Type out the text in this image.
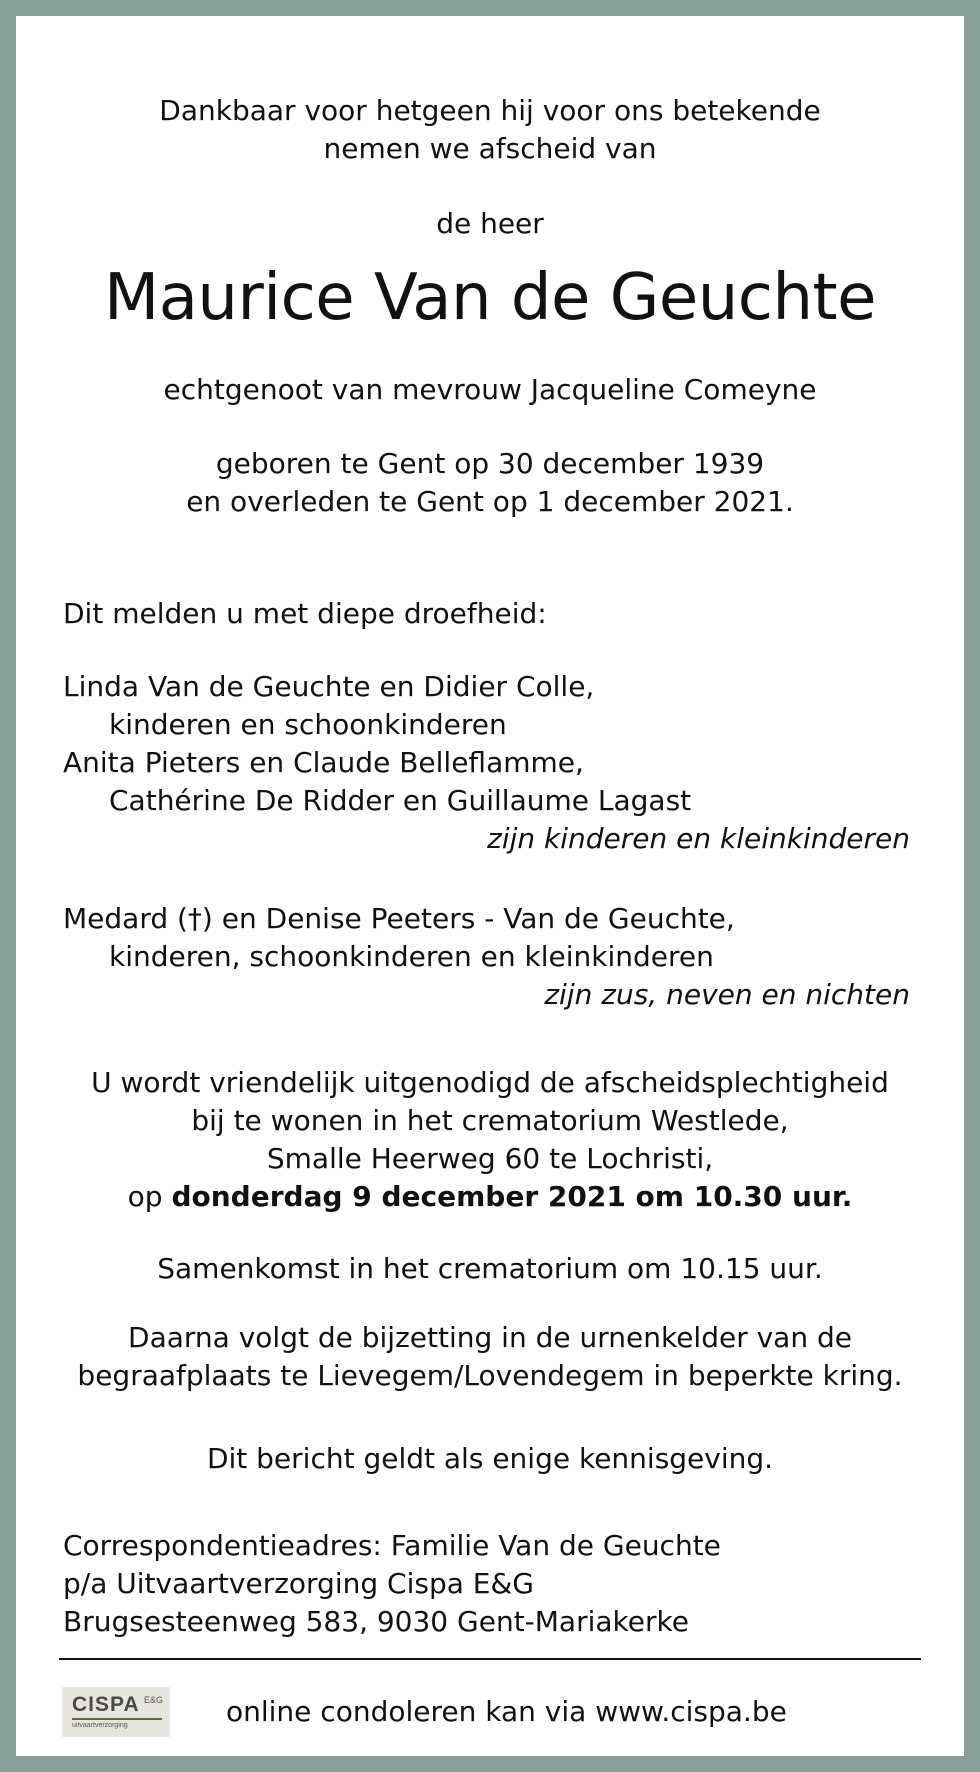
Dankbaar voor hetgeen hij voor ons betekende
nemen we afscheid van
de heer
Maurice Van de Geuchte
echtgenoot van mevrouw Jacqueline Comeyne
geboren te Gent op 30 december 1939
en overleden te Gent op 1 december 2021.
Dit melden u met diepe droefheid:
Linda Van de Geuchte en Didier Colle,
kinderen en schoonkinderen
Anita Pieters en Claude Belleflamme,
Cathérine De Ridder en Guillaume Lagast
zijn kinderen en kleinkinderen
Medard (†) en Denise Peeters - Van de Geuchte,
kinderen, schoonkinderen en kleinkinderen
zijn zus, neven en nichten
U wordt vriendelijk uitgenodigd de afscheidsplechtigheid
bij te wonen in het crematorium Westlede,
Smalle Heerweg 60 te Lochristi,
op donderdag 9 december 2021 om 10.30 uur.
Samenkomst in het crematorium om 10.15 uur.
Daarna volgt de bijzetting in de urnenkelder van de
begraafplaats te Lievegem/Lovendegem in beperkte kring.
Dit bericht geldt als enige kennisgeving.
Correspondentieadres: Familie Van de Geuchte
p/a Uitvaartverzorging Cispa E&G
Brugsesteenweg 583, 9030 Gent-Mariakerke
CISPA E&G
uitvaartverzorging	online condoleren kan via www.cispa.be
